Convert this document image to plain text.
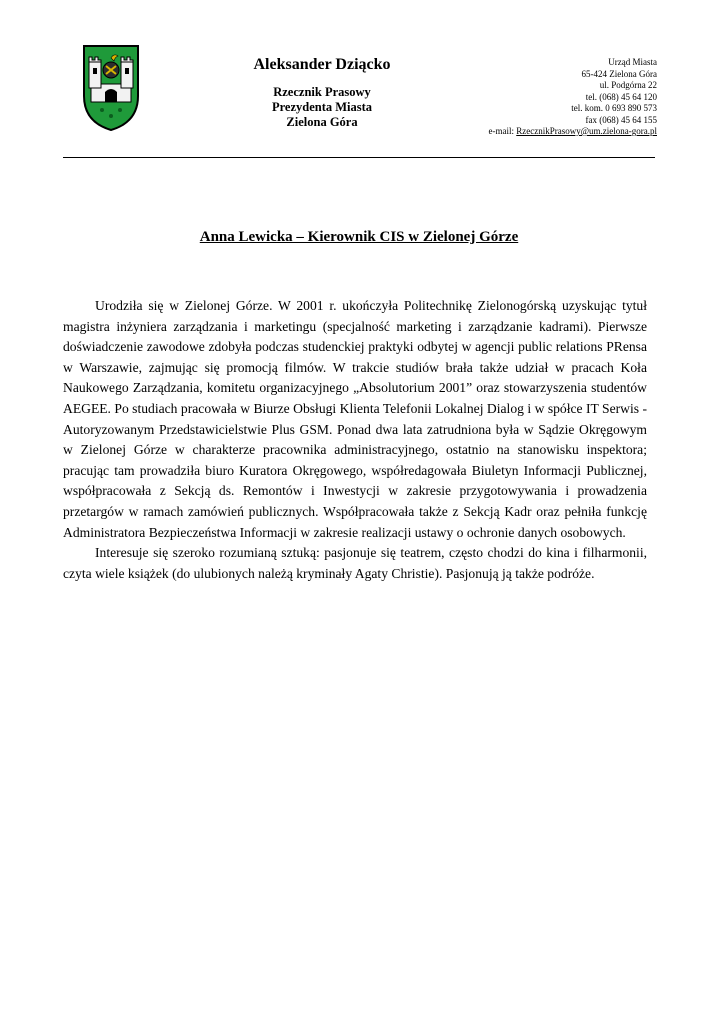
Aleksander Dziącko
Rzecznik Prasowy
Prezydenta Miasta
Zielona Góra
Urząd Miasta
65-424 Zielona Góra
ul. Podgórna 22
tel. (068) 45 64 120
tel. kom. 0 693 890 573
fax (068) 45 64 155
e-mail: RzecznikPrasowy@um.zielona-gora.pl
Anna Lewicka – Kierownik CIS w Zielonej Górze

Urodziła się w Zielonej Górze. W 2001 r. ukończyła Politechnikę Zielonogórską uzyskując tytuł magistra inżyniera zarządzania i marketingu (specjalność marketing i zarządzanie kadrami). Pierwsze doświadczenie zawodowe zdobyła podczas studenckiej praktyki odbytej w agencji public relations PRensa w Warszawie, zajmując się promocją filmów. W trakcie studiów brała także udział w pracach Koła Naukowego Zarządzania, komitetu organizacyjnego „Absolutorium 2001” oraz stowarzyszenia studentów AEGEE. Po studiach pracowała w Biurze Obsługi Klienta Telefonii Lokalnej Dialog i w spółce IT Serwis - Autoryzowanym Przedstawicielstwie Plus GSM. Ponad dwa lata zatrudniona była w Sądzie Okręgowym w Zielonej Górze w charakterze pracownika administracyjnego, ostatnio na stanowisku inspektora; pracując tam prowadziła biuro Kuratora Okręgowego, współredagowała Biuletyn Informacji Publicznej, współpracowała z Sekcją ds. Remontów i Inwestycji w zakresie przygotowywania i prowadzenia przetargów w ramach zamówień publicznych. Współpracowała także z Sekcją Kadr oraz pełniła funkcję Administratora Bezpieczeństwa Informacji w zakresie realizacji ustawy o ochronie danych osobowych.

Interesuje się szeroko rozumianą sztuką: pasjonuje się teatrem, często chodzi do kina i filharmonii, czyta wiele książek (do ulubionych należą kryminały Agaty Christie). Pasjonują ją także podróże.
